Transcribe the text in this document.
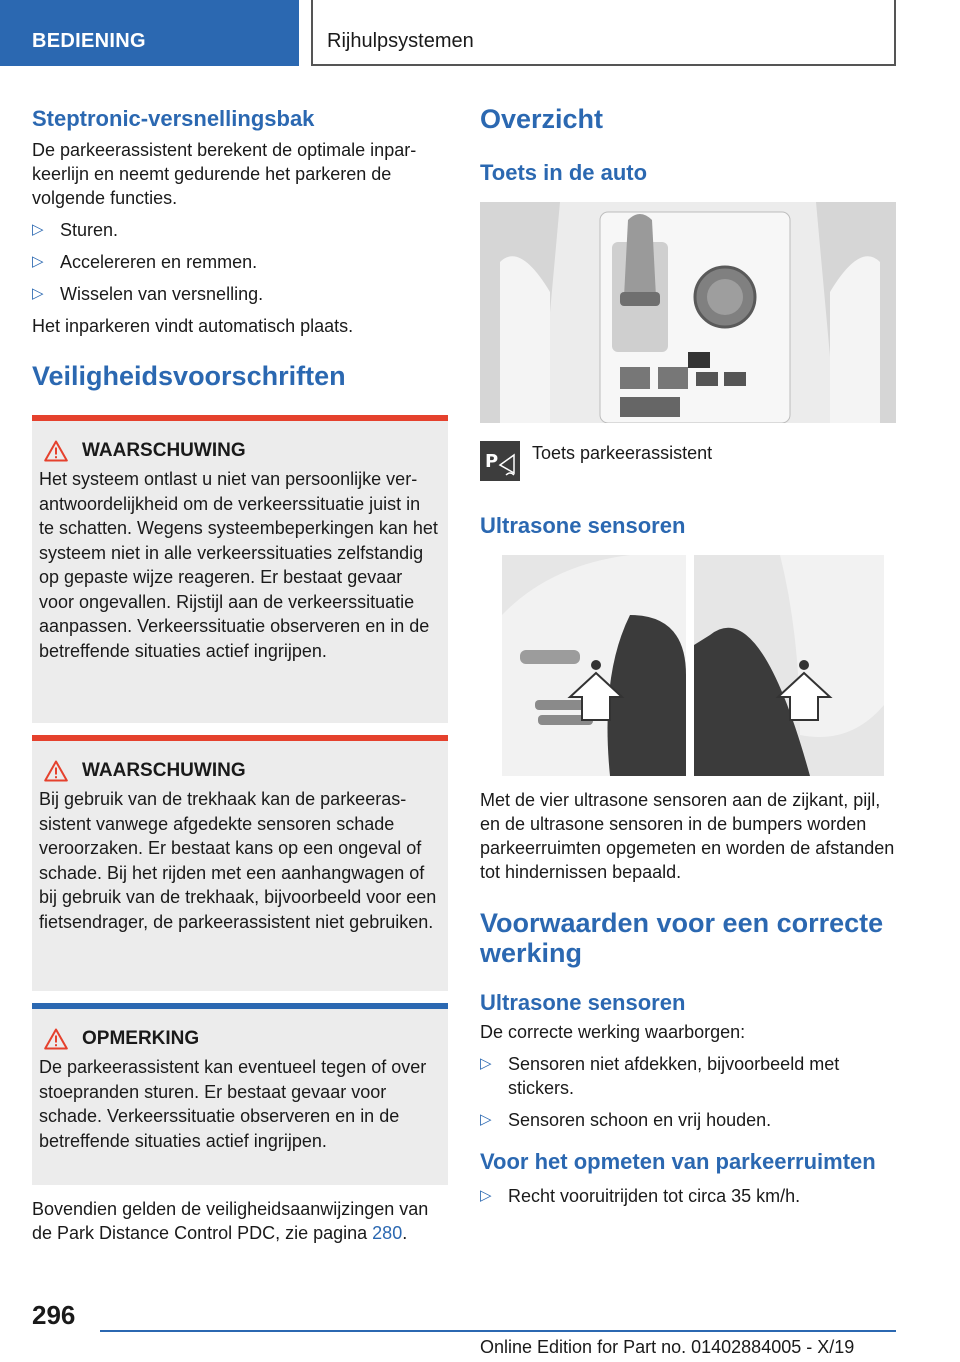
BEDIENING	Rijhulpsystemen
Steptronic-versnellingsbak

De parkeerassistent berekent de optimale inparkeerlijn en neemt gedurende het parkeren de volgende functies.

▷ Sturen.
▷ Accelereren en remmen.
▷ Wisselen van versnelling.

Het inparkeren vindt automatisch plaats.

Veiligheidsvoorschriften
WAARSCHUWING

Het systeem ontlast u niet van persoonlijke verantwoordelijkheid om de verkeerssituatie juist in te schatten. Wegens systeembeperkingen kan het systeem niet in alle verkeerssituaties zelfstandig op gepaste wijze reageren. Er bestaat gevaar voor ongevallen. Rijstijl aan de verkeerssituatie aanpassen. Verkeerssituatie observeren en in de betreffende situaties actief ingrijpen.

WAARSCHUWING

Bij gebruik van de trekhaak kan de parkeerassistent vanwege afgedekte sensoren schade veroorzaken. Er bestaat kans op een ongeval of schade. Bij het rijden met een aanhangwagen of bij gebruik van de trekhaak, bijvoorbeeld voor een fietsendrager, de parkeerassistent niet gebruiken.

OPMERKING

De parkeerassistent kan eventueel tegen of over stoepranden sturen. Er bestaat gevaar voor schade. Verkeerssituatie observeren en in de betreffende situaties actief ingrijpen.

Bovendien gelden de veiligheidsaanwijzingen van de Park Distance Control PDC, zie pagina 280.

Overzicht
Toets in de auto
P Toets parkeerassistent
Ultrasone sensoren

Met de vier ultrasone sensoren aan de zijkant, pijl, en de ultrasone sensoren in de bumpers worden parkeerruimten opgemeten en worden de afstanden tot hindernissen bepaald.

Voorwaarden voor een correcte werking
Ultrasone sensoren

De correcte werking waarborgen:

▷ Sensoren niet afdekken, bijvoorbeeld met stickers.
▷ Sensoren schoon en vrij houden.
Voor het opmeten van parkeerruimten
▷ Recht vooruitrijden tot circa 35 km/h.
296
Online Edition for Part no. 01402884005 - X/19
